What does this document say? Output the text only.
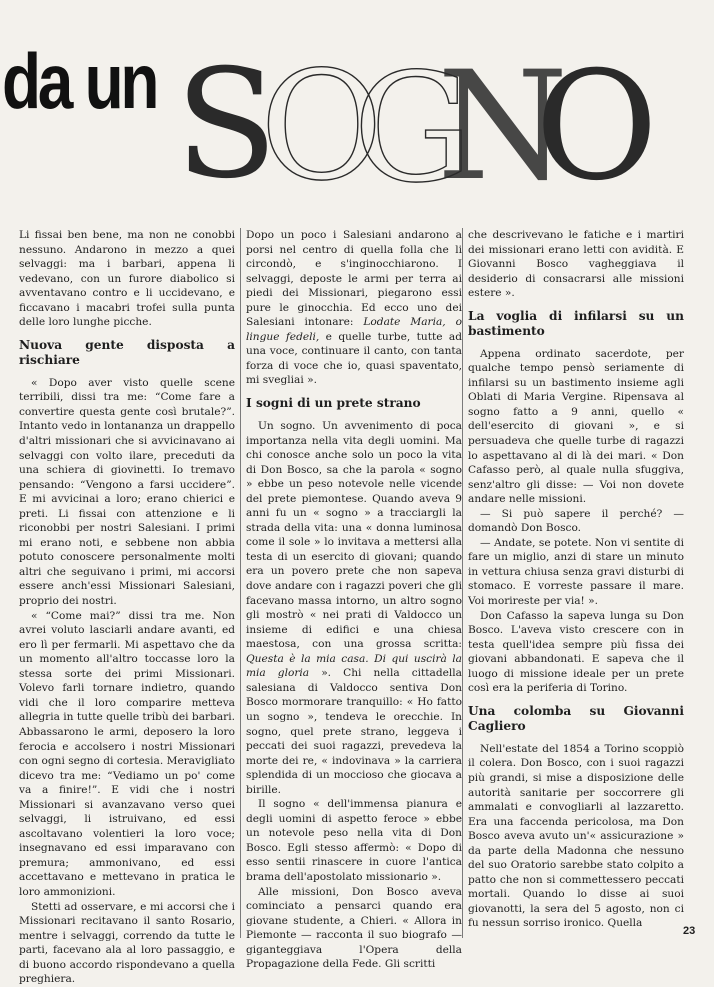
da un S
O
G
N
O

Li fissai ben bene, ma non ne conobbi nessuno. Andarono in mezzo a quei selvaggi: ma i barbari, appena li vedevano, con un furore diabolico si avventavano contro e li uccidevano, e ficcavano i macabri trofei sulla punta delle loro lunghe picche.

Nuova gente disposta a rischiare

« Dopo aver visto quelle scene terribili, dissi tra me: “Come fare a convertire questa gente così brutale?”. Intanto vedo in lontananza un drappello d'altri missionari che si avvicinavano ai selvaggi con volto ilare, preceduti da una schiera di giovinetti. Io tremavo pensando: “Vengono a farsi uccidere”. E mi avvicinai a loro; erano chierici e preti. Li fissai con attenzione e li riconobbi per nostri Salesiani. I primi mi erano noti, e sebbene non abbia potuto conoscere personalmente molti altri che seguivano i primi, mi accorsi essere anch'essi Missionari Salesiani, proprio dei nostri.

« “Come mai?” dissi tra me. Non avrei voluto lasciarli andare avanti, ed ero lì per fermarli. Mi aspettavo che da un momento all'altro toccasse loro la stessa sorte dei primi Missionari. Volevo farli tornare indietro, quando vidi che il loro comparire metteva allegria in tutte quelle tribù dei barbari. Abbassarono le armi, deposero la loro ferocia e accolsero i nostri Missionari con ogni segno di cortesia. Meravigliato dicevo tra me: “Vediamo un po' come va a finire!”. E vidi che i nostri Missionari si avanzavano verso quei selvaggi, li istruivano, ed essi ascoltavano volentieri la loro voce; insegnavano ed essi imparavano con premura; ammonivano, ed essi accettavano e mettevano in pratica le loro ammonizioni.

Stetti ad osservare, e mi accorsi che i Missionari recitavano il santo Rosario, mentre i selvaggi, correndo da tutte le parti, facevano ala al loro passaggio, e di buono accordo rispondevano a quella preghiera.

Dopo un poco i Salesiani andarono a porsi nel centro di quella folla che li circondò, e s'inginocchiarono. I selvaggi, deposte le armi per terra ai piedi dei Missionari, piegarono essi pure le ginocchia. Ed ecco uno dei Salesiani intonare: Lodate Maria, o lingue fedeli, e quelle turbe, tutte ad una voce, continuare il canto, con tanta forza di voce che io, quasi spaventato, mi svegliai ».

I sogni di un prete strano

Un sogno. Un avvenimento di poca importanza nella vita degli uomini. Ma chi conosce anche solo un poco la vita di Don Bosco, sa che la parola « sogno » ebbe un peso notevole nelle vicende del prete piemontese. Quando aveva 9 anni fu un « sogno » a tracciargli la strada della vita: una « donna luminosa come il sole » lo invitava a mettersi alla testa di un esercito di giovani; quando era un povero prete che non sapeva dove andare con i ragazzi poveri che gli facevano massa intorno, un altro sogno gli mostrò « nei prati di Valdocco un insieme di edifici e una chiesa maestosa, con una grossa scritta: Questa è la mia casa. Di qui uscirà la mia gloria ». Chi nella cittadella salesiana di Valdocco sentiva Don Bosco mormorare tranquillo: « Ho fatto un sogno », tendeva le orecchie. In sogno, quel prete strano, leggeva i peccati dei suoi ragazzi, prevedeva la morte dei re, « indovinava » la carriera splendida di un moccioso che giocava a birille.

Il sogno « dell'immensa pianura e degli uomini di aspetto feroce » ebbe un notevole peso nella vita di Don Bosco. Egli stesso affermò: « Dopo di esso sentii rinascere in cuore l'antica brama dell'apostolato missionario ».

Alle missioni, Don Bosco aveva cominciato a pensarci quando era giovane studente, a Chieri. « Allora in Piemonte — racconta il suo biografo — giganteggiava l'Opera della Propagazione della Fede. Gli scritti

che descrivevano le fatiche e i martiri dei missionari erano letti con avidità. E Giovanni Bosco vagheggiava il desiderio di consacrarsi alle missioni estere ».

La voglia di infilarsi su un bastimento

Appena ordinato sacerdote, per qualche tempo pensò seriamente di infilarsi su un bastimento insieme agli Oblati di Maria Vergine. Ripensava al sogno fatto a 9 anni, quello « dell'esercito di giovani », e si persuadeva che quelle turbe di ragazzi lo aspettavano al di là dei mari. « Don Cafasso però, al quale nulla sfuggiva, senz'altro gli disse: — Voi non dovete andare nelle missioni.

— Si può sapere il perché? — domandò Don Bosco.

— Andate, se potete. Non vi sentite di fare un miglio, anzi di stare un minuto in vettura chiusa senza gravi disturbi di stomaco. E vorreste passare il mare. Voi morireste per via! ».

Don Cafasso la sapeva lunga su Don Bosco. L'aveva visto crescere con in testa quell'idea sempre più fissa dei giovani abbandonati. E sapeva che il luogo di missione ideale per un prete così era la periferia di Torino.

Una colomba su Giovanni Cagliero

Nell'estate del 1854 a Torino scoppiò il colera. Don Bosco, con i suoi ragazzi più grandi, si mise a disposizione delle autorità sanitarie per soccorrere gli ammalati e convogliarli al lazzaretto. Era una faccenda pericolosa, ma Don Bosco aveva avuto un'« assicurazione » da parte della Madonna che nessuno del suo Oratorio sarebbe stato colpito a patto che non si commettessero peccati mortali. Quando lo disse ai suoi giovanotti, la sera del 5 agosto, non ci fu nessun sorriso ironico. Quella

23
